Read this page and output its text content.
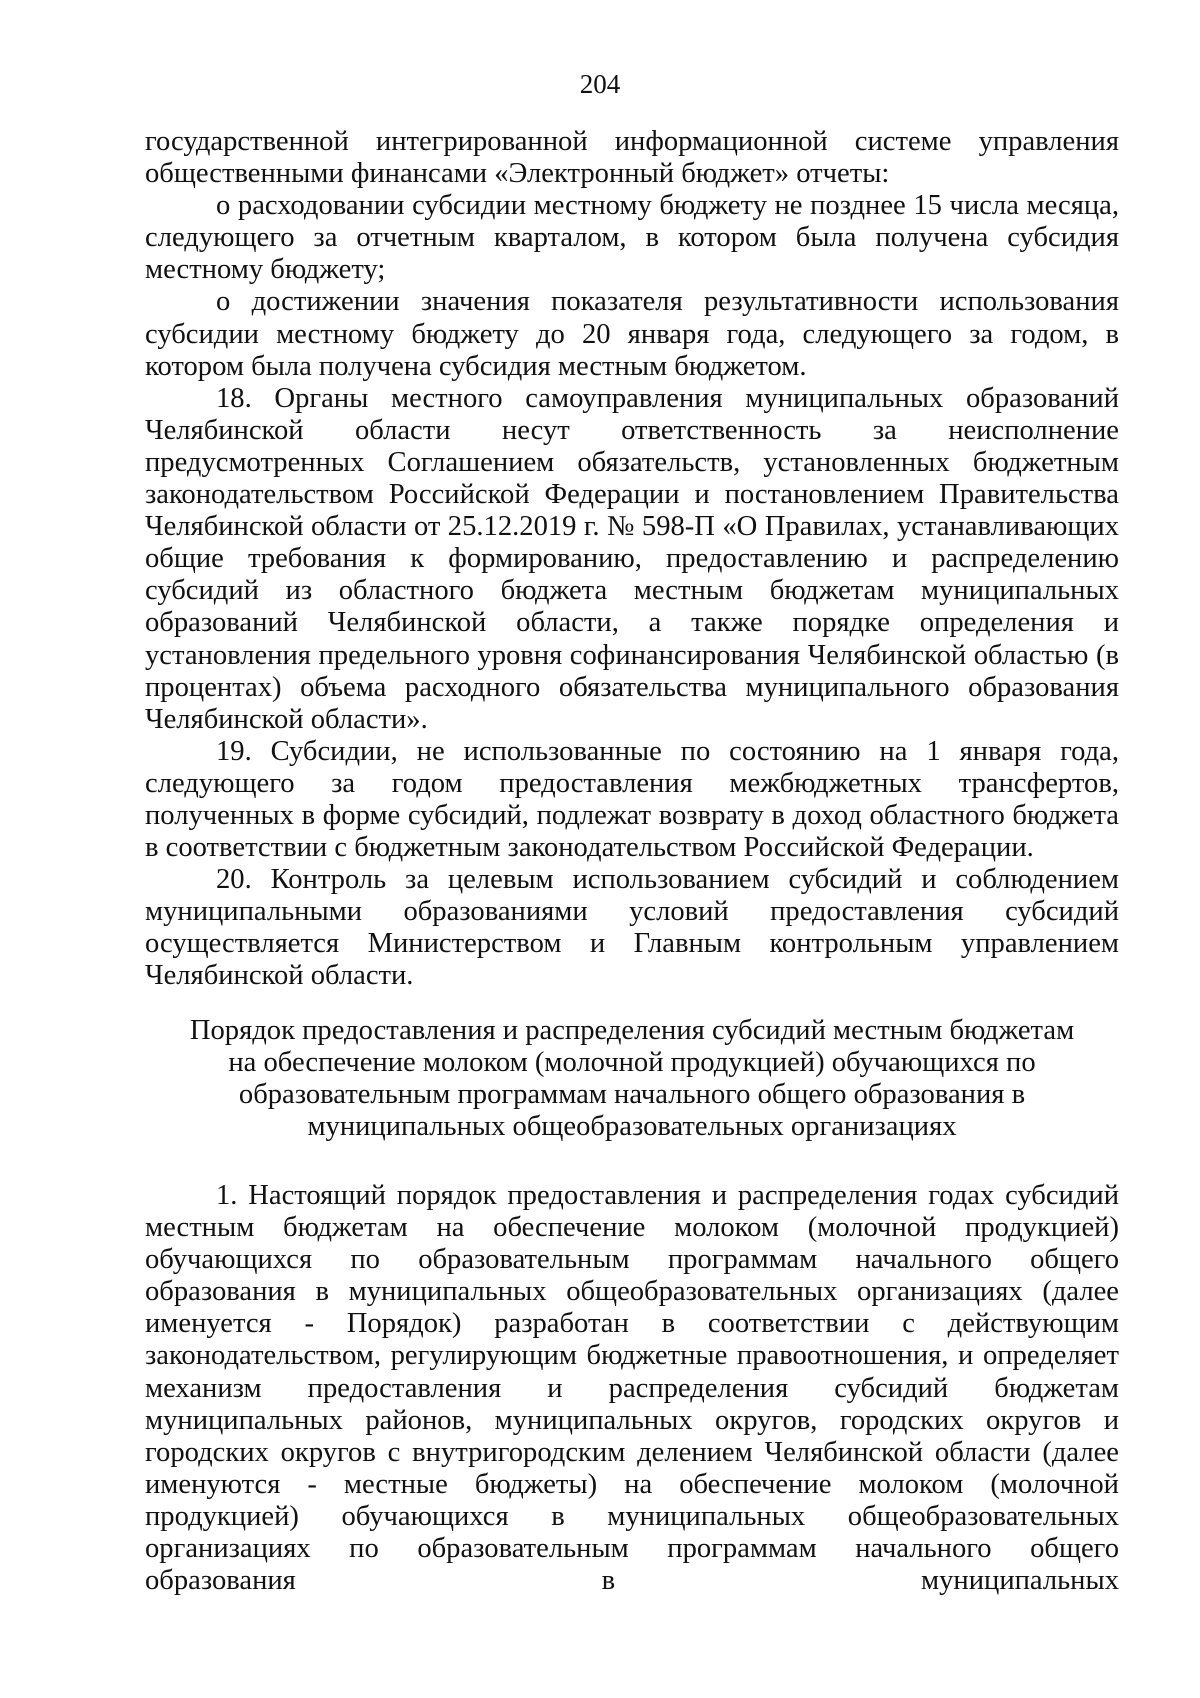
204

государственной интегрированной информационной системе управления общественными финансами «Электронный бюджет» отчеты:

о расходовании субсидии местному бюджету не позднее 15 числа месяца, следующего за отчетным кварталом, в котором была получена субсидия местному бюджету;

о достижении значения показателя результативности использования субсидии местному бюджету до 20 января года, следующего за годом, в котором была получена субсидия местным бюджетом.

18. Органы местного самоуправления муниципальных образований Челябинской области несут ответственность за неисполнение предусмотренных Соглашением обязательств, установленных бюджетным законодательством Российской Федерации и постановлением Правительства Челябинской области от 25.12.2019 г. № 598-П «О Правилах, устанавливающих общие требования к формированию, предоставлению и распределению субсидий из областного бюджета местным бюджетам муниципальных образований Челябинской области, а также порядке определения и установления предельного уровня софинансирования Челябинской областью (в процентах) объема расходного обязательства муниципального образования Челябинской области».

19. Субсидии, не использованные по состоянию на 1 января года, следующего за годом предоставления межбюджетных трансфертов, полученных в форме субсидий, подлежат возврату в доход областного бюджета в соответствии с бюджетным законодательством Российской Федерации.

20. Контроль за целевым использованием субсидий и соблюдением муниципальными образованиями условий предоставления субсидий осуществляется Министерством и Главным контрольным управлением Челябинской области.

Порядок предоставления и распределения субсидий местным бюджетам
на обеспечение молоком (молочной продукцией) обучающихся по
образовательным программам начального общего образования в
муниципальных общеобразовательных организациях

1. Настоящий порядок предоставления и распределения годах субсидий местным бюджетам на обеспечение молоком (молочной продукцией) обучающихся по образовательным программам начального общего образования в муниципальных общеобразовательных организациях (далее именуется - Порядок) разработан в соответствии с действующим законодательством, регулирующим бюджетные правоотношения, и определяет механизм предоставления и распределения субсидий бюджетам муниципальных районов, муниципальных округов, городских округов и городских округов с внутригородским делением Челябинской области (далее именуются - местные бюджеты) на обеспечение молоком (молочной продукцией) обучающихся в муниципальных общеобразовательных организациях по образовательным программам начального общего образования в муниципальных
